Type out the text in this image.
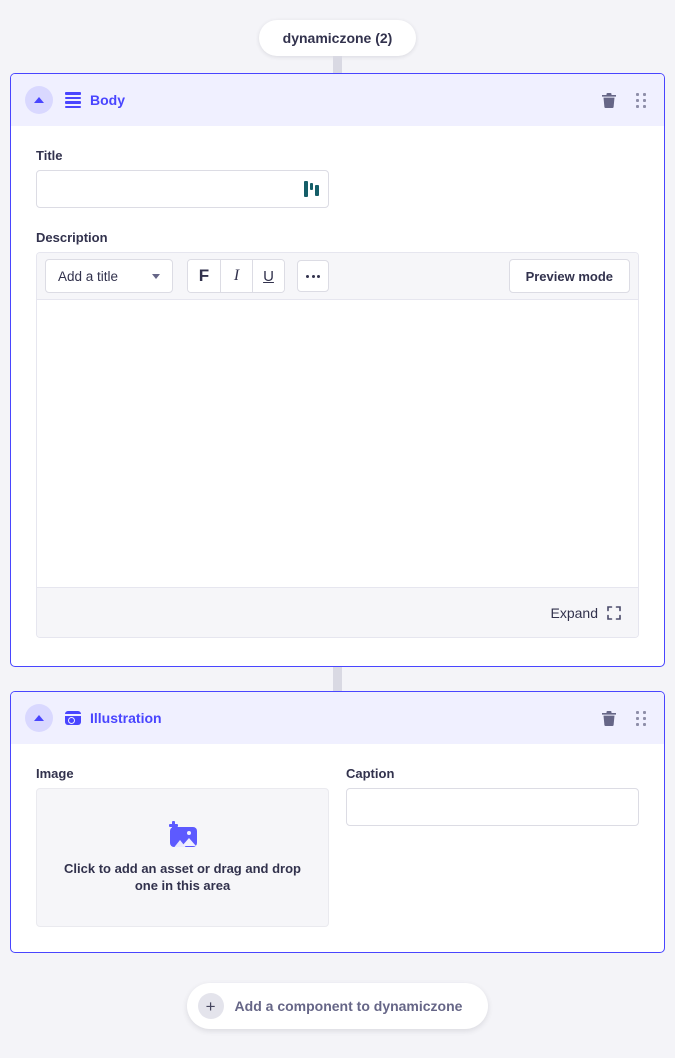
dynamiczone (2)
Body
Title
Description
Add a title	F	I	U	Preview mode
Expand
Illustration
Image
Click to add an asset or drag and drop one in this area
Caption
+	Add a component to dynamiczone
